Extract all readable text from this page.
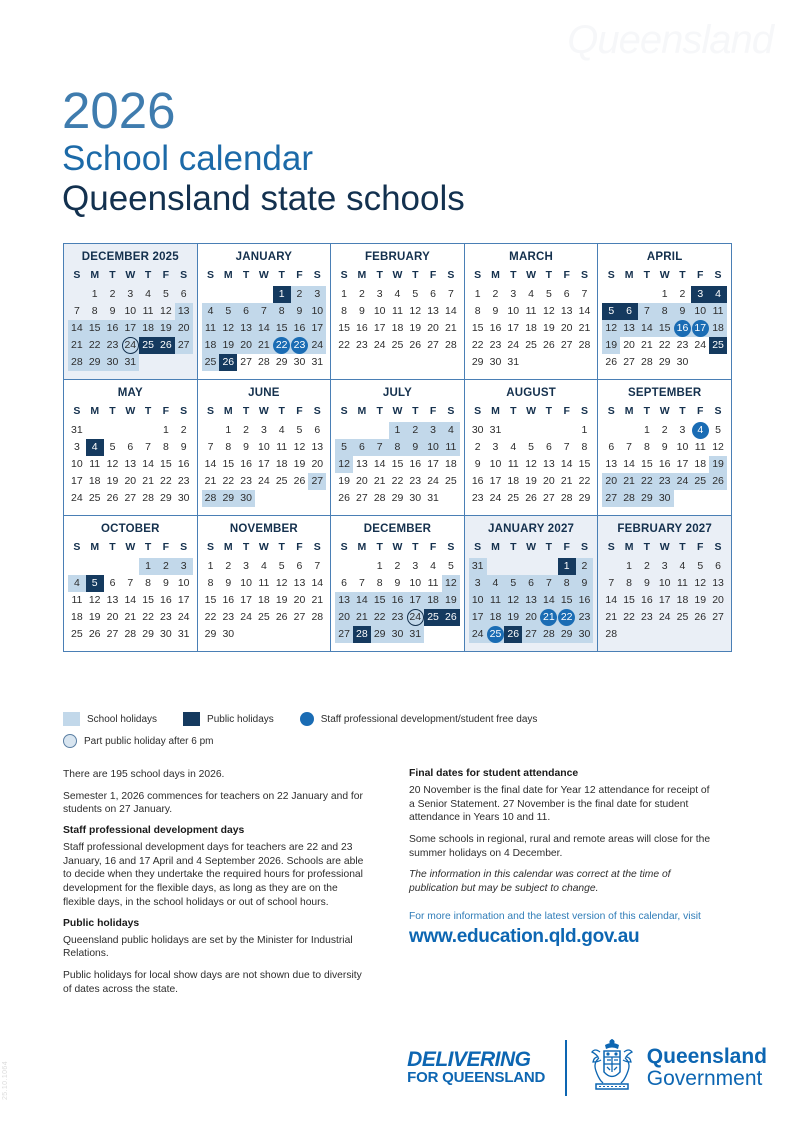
Queensland
25.10.1064
2026
School calendar
Queensland state schools
DECEMBER 2025
S	M	T	W	T	F	S

	1	2	3	4	5	6

7	8	9	10	11	12	13

14	15	16	17	18	19	20

21	22	23	24	25	26	27

28	29	30	31			

JANUARY
S	M	T	W	T	F	S

				1	2	3

4	5	6	7	8	9	10

11	12	13	14	15	16	17

18	19	20	21	22	23	24

25	26	27	28	29	30	31
FEBRUARY
S	M	T	W	T	F	S

1	2	3	4	5	6	7

8	9	10	11	12	13	14

15	16	17	18	19	20	21

22	23	24	25	26	27	28

MARCH
S	M	T	W	T	F	S

1	2	3	4	5	6	7

8	9	10	11	12	13	14

15	16	17	18	19	20	21

22	23	24	25	26	27	28

29	30	31				

APRIL
S	M	T	W	T	F	S

			1	2	3	4

5	6	7	8	9	10	11

12	13	14	15	16	17	18

19	20	21	22	23	24	25

26	27	28	29	30		

MAY
S	M	T	W	T	F	S

31					1	2

3	4	5	6	7	8	9

10	11	12	13	14	15	16

17	18	19	20	21	22	23

24	25	26	27	28	29	30
JUNE
S	M	T	W	T	F	S

	1	2	3	4	5	6

7	8	9	10	11	12	13

14	15	16	17	18	19	20

21	22	23	24	25	26	27

28	29	30				

JULY
S	M	T	W	T	F	S

			1	2	3	4

5	6	7	8	9	10	11

12	13	14	15	16	17	18

19	20	21	22	23	24	25

26	27	28	29	30	31	

AUGUST
S	M	T	W	T	F	S

30	31					1

2	3	4	5	6	7	8

9	10	11	12	13	14	15

16	17	18	19	20	21	22

23	24	25	26	27	28	29
SEPTEMBER
S	M	T	W	T	F	S

		1	2	3	4	5

6	7	8	9	10	11	12

13	14	15	16	17	18	19

20	21	22	23	24	25	26

27	28	29	30			

OCTOBER
S	M	T	W	T	F	S

				1	2	3

4	5	6	7	8	9	10

11	12	13	14	15	16	17

18	19	20	21	22	23	24

25	26	27	28	29	30	31
NOVEMBER
S	M	T	W	T	F	S

1	2	3	4	5	6	7

8	9	10	11	12	13	14

15	16	17	18	19	20	21

22	23	24	25	26	27	28

29	30					

DECEMBER
S	M	T	W	T	F	S

		1	2	3	4	5

6	7	8	9	10	11	12

13	14	15	16	17	18	19

20	21	22	23	24	25	26

27	28	29	30	31		

JANUARY 2027
S	M	T	W	T	F	S

31					1	2

3	4	5	6	7	8	9

10	11	12	13	14	15	16

17	18	19	20	21	22	23

24	25	26	27	28	29	30
FEBRUARY 2027
S	M	T	W	T	F	S

	1	2	3	4	5	6

7	8	9	10	11	12	13

14	15	16	17	18	19	20

21	22	23	24	25	26	27

28						

School holidays	Public holidays	Staff professional development/student free days
Part public holiday after 6 pm

There are 195 school days in 2026.

Semester 1, 2026 commences for teachers on 22 January and for students on 27 January.

Staff professional development days

Staff professional development days for teachers are 22 and 23 January, 16 and 17 April and 4 September 2026. Schools are able to decide when they undertake the required hours for professional development for the flexible days, as long as they are on the flexible days, in the school holidays or out of school hours.

Public holidays

Queensland public holidays are set by the Minister for Industrial Relations.

Public holidays for local show days are not shown due to diversity of dates across the state.

Final dates for student attendance

20 November is the final date for Year 12 attendance for receipt of a Senior Statement. 27 November is the final date for student attendance in Years 10 and 11.

Some schools in regional, rural and remote areas will close for the summer holidays on 4 December.

The information in this calendar was correct at the time of publication but may be subject to change.

For more information and the latest version of this calendar, visit
www.education.qld.gov.au
DELIVERING
FOR QUEENSLAND
Queensland
Government
